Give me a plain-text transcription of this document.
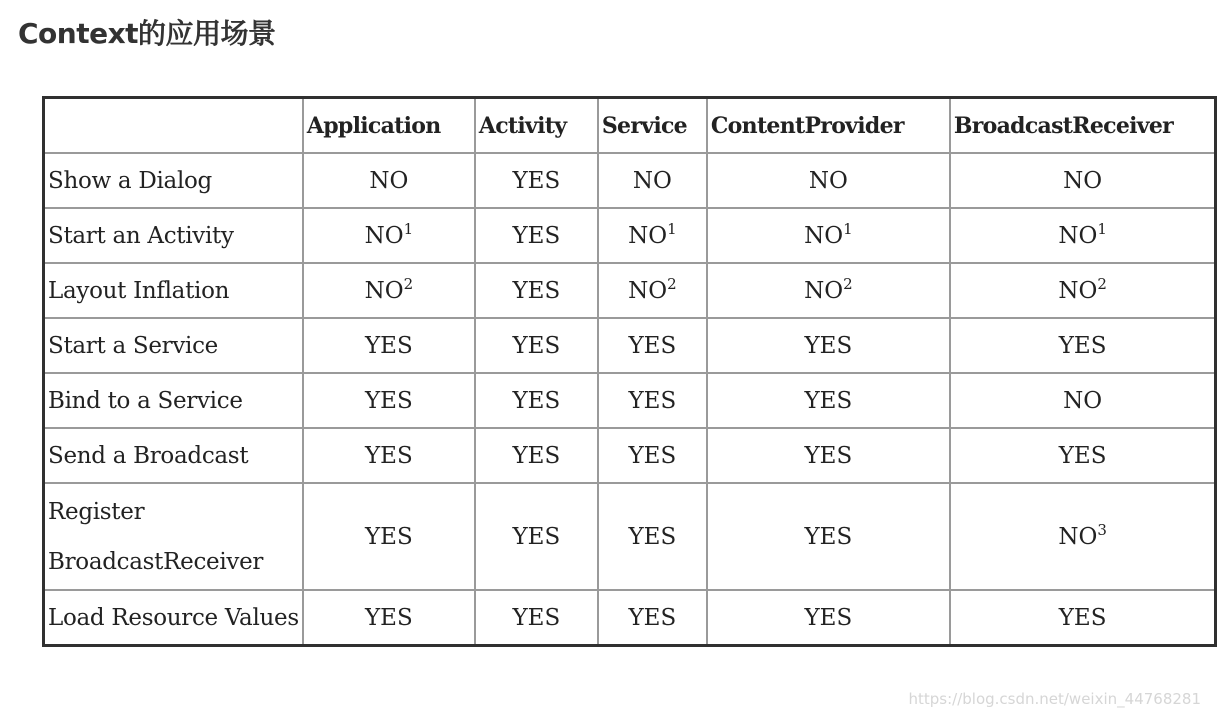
Context的应用场景
	Application	Activity	Service	ContentProvider	BroadcastReceiver
Show a Dialog	NO	YES	NO	NO	NO
Start an Activity	NO$^1$	YES	NO$^1$	NO$^1$	NO$^1$
Layout Inflation	NO$^2$	YES	NO$^2$	NO$^2$	NO$^2$
Start a Service	YES	YES	YES	YES	YES
Bind to a Service	YES	YES	YES	YES	NO
Send a Broadcast	YES	YES	YES	YES	YES
Register BroadcastReceiver	YES	YES	YES	YES	NO$^3$
Load Resource Values	YES	YES	YES	YES	YES
https://blog.csdn.net/weixin_44768281
